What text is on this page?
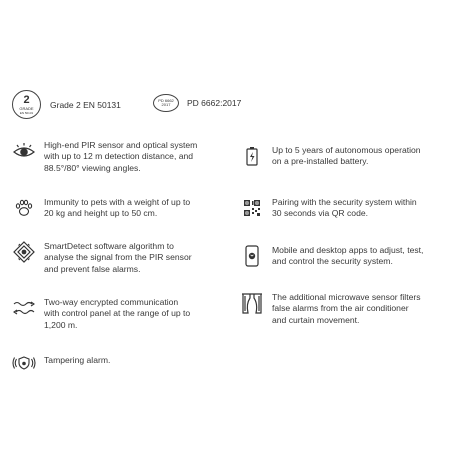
2
GRADE
EN 50131
Grade 2 EN 50131	PD 6662
2017 PD 6662:2017
High-end PIR sensor and optical system
with up to 12 m detection distance, and
88.5°/80° viewing angles.
Up to 5 years of autonomous operation
on a pre-installed battery.
Immunity to pets with a weight of up to
20 kg and height up to 50 cm.
Pairing with the security system within
30 seconds via QR code.
SmartDetect software algorithm to
analyse the signal from the PIR sensor
and prevent false alarms.
Mobile and desktop apps to adjust, test,
and control the security system.
Two-way encrypted communication
with control panel at the range of up to
1,200 m.
The additional microwave sensor filters
false alarms from the air conditioner
and curtain movement.
Tampering alarm.
